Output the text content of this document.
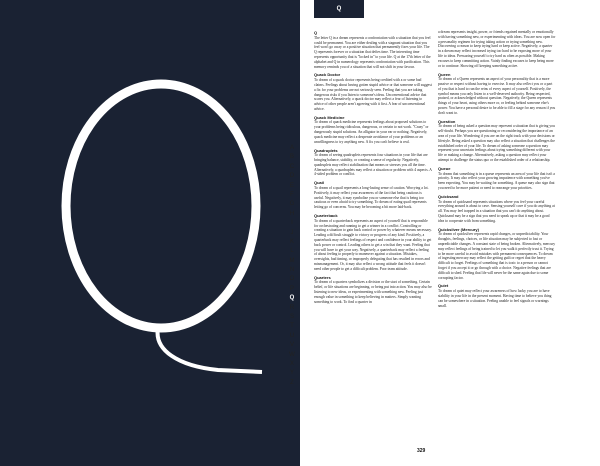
Q
Q

The letter Q in a dream represents a confrontation with a situation that you feel could be permanent. You are either dealing with a stagnant situation that you feel won't go away or a positive situation that permanently fixes your life. The Q represents forever or a situation that defies time. The interesting time represents opportunity that is "locked in" to your life. Q at the 17th letter of the alphabet and Q in numerology represents confrontation with purification. This memory reminds you of a situation that will not shift in your favour.

Quack Doctor

To dream of a quack doctor represents being credited with a or some bad claims. Feelings about having gotten stupid advice or that someone will suggest a fix for your problems are not seriously seen. Feeling that you are taking dangerous risks if you listen to someone's ideas. Unconventional advice that scares you. Alternatively, a quack doctor may reflect a fear of listening to advice of other people aren't agreeing with it first. A fear of unconventional advice.

Quack Medicine

To dream of quack medicine represents feelings about proposed solutions to your problems being ridiculous, dangerous, or certain to not work. "Crazy" or dangerously stupid solutions. An alligator in your ear or nothing. Negatively, quack medicine may reflect a desperate avoidance of your problems or an unwillingness to try anything new. A fix you can't believe is real.

Quadruplets

To dream of seeing quadruplets represents four situations in your life that are bringing balance, stability, or creating a sense of regularity. Negatively, quadruplets may reflect stabilization that means or stresses you all the time. Alternatively, a quadruplets may reflect a situation or problem with 4 aspects. A 4-sided problem or conflict.

Quail

To dream of a quail represents a long-lasting sense of caution. Worrying a lot. Positively, it may reflect your awareness of the fact that being cautious is useful. Negatively, it may symbolize you or someone else that is being too cautious or even afraid to try something. To dream of eating quail represents letting go of concerns. You may be becoming a bit more laid-back.

Quarterback

To dream of a quarterback represents an aspect of yourself that is responsible for orchestrating and running to get a winner in a conflict. Controlling or creating a situation to gain back control or power by whatever means necessary. Leading a difficult struggle to victory or progress of any kind. Positively, a quarterback may reflect feelings of respect and confidence in your ability to get back power or control. Leading others to get a win that they want. Feeling that you will have to get your way. Negatively, a quarterback may reflect a feeling of about feeling to properly to maneuver against a situation. Mistakes, oversights, bad timing, or improperly delegating that has resulted in errors and mismanagement. Or, it may also reflect a wrong attitude that feels it doesn't need other people to get a difficult problem. Poor team attitude.

Quarters

To dream of a quarters symbolizes a division or the start of something. Certain belief, or life situations are beginning, or being put into action. You may also be listening to new ideas, or experimenting with something new. Feeling just enough value in something to keep believing in matters. Simply wanting something to work. To find a quarter in

a dream represents insight, power, or friends regained mentally or emotionally with having something new, or experimenting with ideas. You are now open for a personality regimen for trying taking action or trying something new. Discovering a reason to keep trying hard or keep active. Negatively, a quarter in a dream may reflect increased trying too hard to be exposing more of your life to ideas. Pressuring yourself to try hard as often as possible. Making excuses to keep committing action. Vainly finding excuses to keep being more or to continue. Showing off keeping something active.

Queen

To dream of a Queen represents an aspect of your personality that is a more passive or respect without having to exercise. It may also reflect you or a part of you that is hard to run the reins of every aspect of yourself. Positively, the symbol means you only listen to a well-deserved authority. Being respected, praised, or acknowledged without question. Negatively, the Queen represents things of your heart, using others more or, or feeling behind someone else's power. You have a personal desire to be able to fill a stage for any reason if you don't want to.

Question

To dream of being asked a question may represent a situation that is giving you self-doubt. Perhaps you are questioning or reconsidering the importance of an area of your life. Wondering if you are on the right track with your decisions or lifestyle. Being asked a question may also reflect a situation that challenges the established order of your life. To dream of asking someone a question may represent your uncertain feelings about trying something different with your life or making a change. Alternatively, asking a question may reflect your attempt to challenge the status quo or the established order of a relationship.

Queue

To dream that something is in a queue represents an area of your life that isn't a priority. It may also reflect your growing impatience with something you've been expecting. You may be waiting for something. A queue may also sign that you need to be more patient or need to rearrange your priorities.

Quicksand

To dream of quicksand represents situations where you feel your careful everything around is about to cave. Sensing yourself cave if you do anything at all. You may feel trapped in a situation that you can't do anything about. Quicksand may be a sign that you need to speak up or that it may be a good idea to cooperate with from something.

Quicksilver (Mercury)

To dream of quicksilver represents rapid changes, or unpredictability. Your thoughts, feelings, choices, or life situation may be subjected to fast or unpredictable changes. A constant state of being broken. Alternatively, mercury may reflect feelings of being trained to let you walk it perfectly trust it. Trying to be more careful to avoid mistakes with permanent consequences. To dream of ingesting mercury may reflect the getting guilt or regret that the heavy difficult to forget. Feelings of something that is toxic to a person or cannot forget if you accept it or go through with a choice. Negative feelings that are difficult to shed. Feeling that life will never be the same again due to some corrupting factor.

Quiet

To dream of quiet may reflect your awareness of how lucky you are to have stability in your life in the present moment. Having time to believe you thing can be somewhere in a situation. Feeling unable to feel signals or warnings small.

329
A
B
C
D
E
F
G
H
I
J
K
L
M
N
O
P
Q
R
S
T
U
V
W
X
Y
Z
